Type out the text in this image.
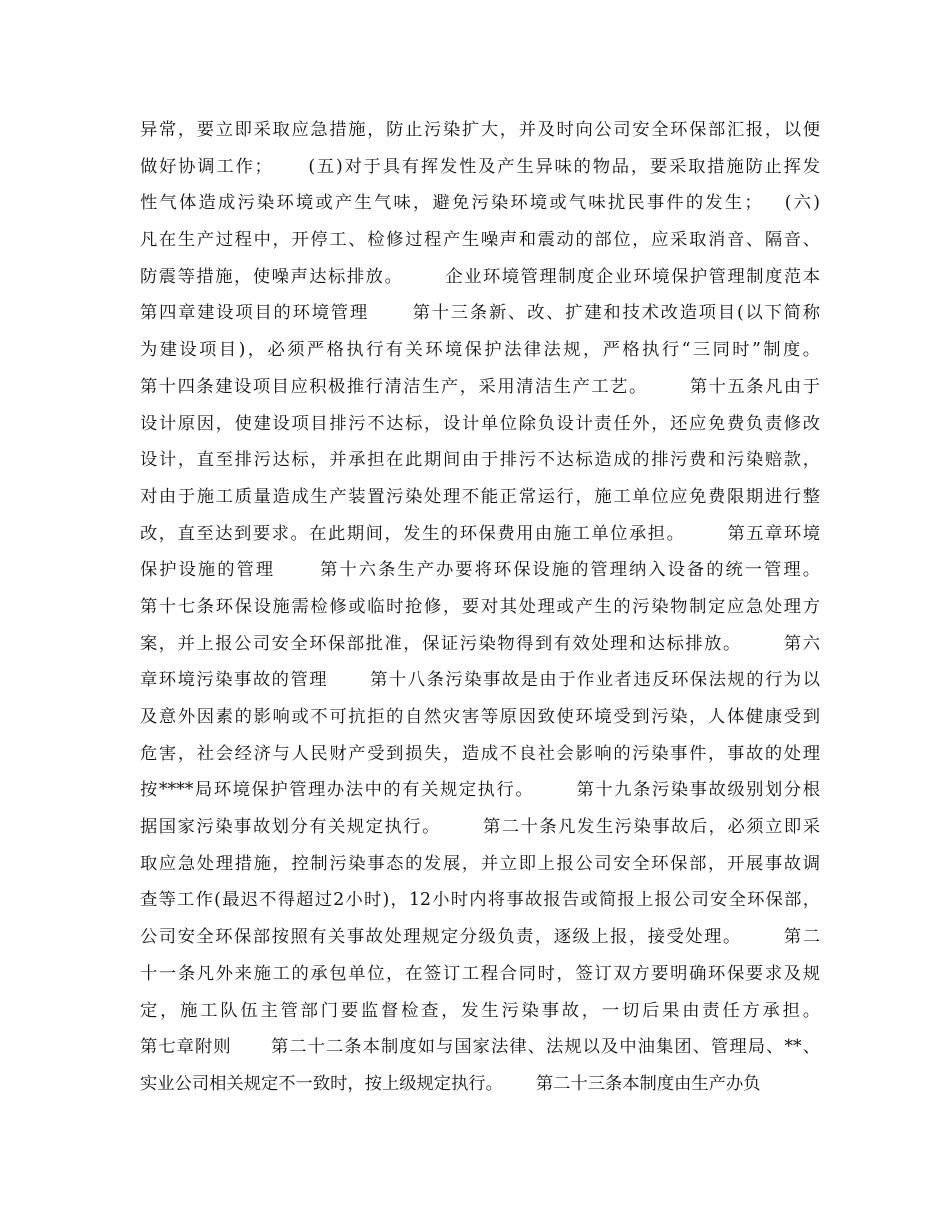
异常，要立即采取应急措施，防止污染扩大，并及时向公司安全环保部汇报，以便
做好协调工作；     (五)对于具有挥发性及产生异味的物品，要采取措施防止挥发
性气体造成污染环境或产生气味，避免污染环境或气味扰民事件的发生；   (六)
凡在生产过程中，开停工、检修过程产生噪声和震动的部位，应采取消音、隔音、
防震等措施，使噪声达标排放。      企业环境管理制度企业环境保护管理制度范本
第四章建设项目的环境管理      第十三条新、改、扩建和技术改造项目(以下简称
为建设项目)，必须严格执行有关环境保护法律法规，严格执行“三同时”制度。
第十四条建设项目应积极推行清洁生产，采用清洁生产工艺。      第十五条凡由于
设计原因，使建设项目排污不达标，设计单位除负设计责任外，还应免费负责修改
设计，直至排污达标，并承担在此期间由于排污不达标造成的排污费和污染赔款，
对由于施工质量造成生产装置污染处理不能正常运行，施工单位应免费限期进行整
改，直至达到要求。在此期间，发生的环保费用由施工单位承担。      第五章环境
保护设施的管理      第十六条生产办要将环保设施的管理纳入设备的统一管理。
第十七条环保设施需检修或临时抢修，要对其处理或产生的污染物制定应急处理方
案，并上报公司安全环保部批准，保证污染物得到有效处理和达标排放。      第六
章环境污染事故的管理      第十八条污染事故是由于作业者违反环保法规的行为以
及意外因素的影响或不可抗拒的自然灾害等原因致使环境受到污染，人体健康受到
危害，社会经济与人民财产受到损失，造成不良社会影响的污染事件，事故的处理
按****局环境保护管理办法中的有关规定执行。      第十九条污染事故级别划分根
据国家污染事故划分有关规定执行。      第二十条凡发生污染事故后，必须立即采
取应急处理措施，控制污染事态的发展，并立即上报公司安全环保部，开展事故调
查等工作(最迟不得超过2小时)，12小时内将事故报告或简报上报公司安全环保部，
公司安全环保部按照有关事故处理规定分级负责，逐级上报，接受处理。      第二
十一条凡外来施工的承包单位，在签订工程合同时，签订双方要明确环保要求及规
定，施工队伍主管部门要监督检查，发生污染事故，一切后果由责任方承担。
第七章附则      第二十二条本制度如与国家法律、法规以及中油集团、管理局、**、
实业公司相关规定不一致时，按上级规定执行。      第二十三条本制度由生产办负
